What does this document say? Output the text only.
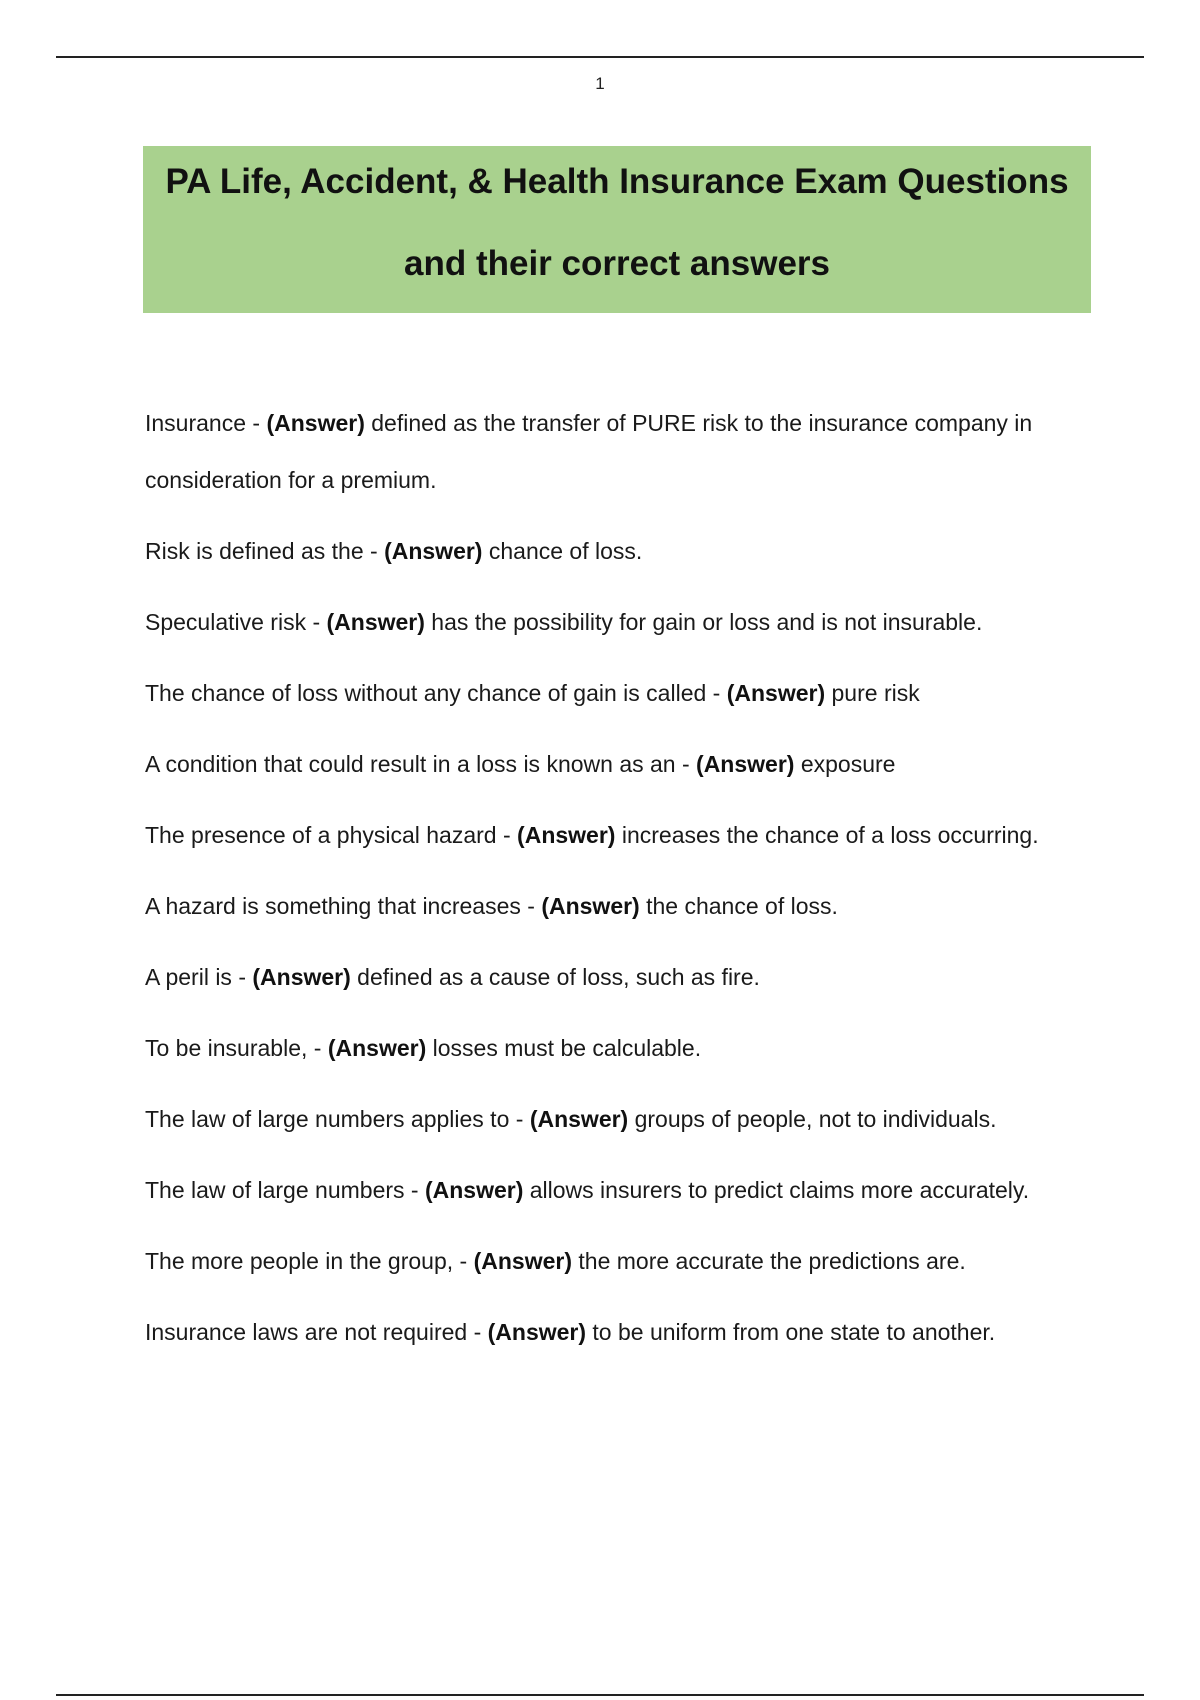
1
PA Life, Accident, & Health Insurance Exam Questions
and their correct answers
Insurance - (Answer) defined as the transfer of PURE risk to the insurance company in consideration for a premium.
Risk is defined as the - (Answer) chance of loss.
Speculative risk - (Answer) has the possibility for gain or loss and is not insurable.
The chance of loss without any chance of gain is called - (Answer) pure risk
A condition that could result in a loss is known as an - (Answer) exposure
The presence of a physical hazard - (Answer) increases the chance of a loss occurring.
A hazard is something that increases - (Answer) the chance of loss.
A peril is - (Answer) defined as a cause of loss, such as fire.
To be insurable, - (Answer) losses must be calculable.
The law of large numbers applies to - (Answer) groups of people, not to individuals.
The law of large numbers - (Answer) allows insurers to predict claims more accurately.
The more people in the group, - (Answer) the more accurate the predictions are.
Insurance laws are not required - (Answer) to be uniform from one state to another.
